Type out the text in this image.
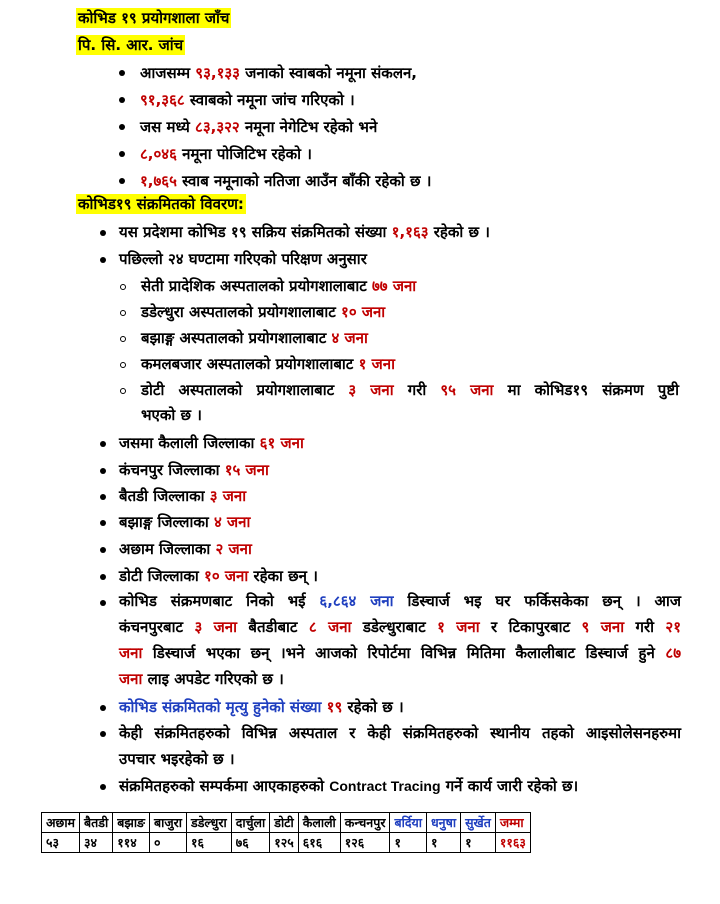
कोभिड १९ प्रयोगशाला जाँच
पि. सि. आर. जांच
आजसम्म ९३,१३३ जनाको स्वाबको नमूना संकलन,
९१,३६८ स्वाबको नमूना जांच गरिएको ।
जस मध्ये ८३,३२२ नमूना नेगेटिभ रहेको भने
८,०४६ नमूना पोजिटिभ रहेको ।
१,७६५ स्वाब नमूनाको नतिजा आउँन बाँकी रहेको छ ।
कोभिड१९ संक्रमितको विवरण:
यस प्रदेशमा कोभिड १९ सक्रिय संक्रमितको संख्या १,१६३ रहेको छ ।
पछिल्लो २४ घण्टामा गरिएको परिक्षण अनुसार
सेती प्रादेशिक अस्पतालको प्रयोगशालाबाट ७७ जना
डडेल्धुरा अस्पतालको प्रयोगशालाबाट १० जना
बझाङ्ग अस्पतालको प्रयोगशालाबाट ४ जना
कमलबजार अस्पतालको प्रयोगशालाबाट १ जना
डोटी अस्पतालको प्रयोगशालाबाट ३ जना गरी ९५ जना मा कोभिड१९ संक्रमण पुष्टी
भएको छ ।
जसमा कैलाली जिल्लाका ६१ जना
कंचनपुर जिल्लाका १५ जना
बैतडी जिल्लाका ३ जना
बझाङ्ग जिल्लाका ४ जना
अछाम जिल्लाका २ जना
डोटी जिल्लाका १० जना रहेका छन् ।
कोभिड संक्रमणबाट निको भई ६,८६४ जना डिस्चार्ज भइ घर फर्किसकेका छन् । आज
कंचनपुरबाट ३ जना बैतडीबाट ८ जना डडेल्धुराबाट १ जना र टिकापुरबाट ९ जना गरी २१
जना डिस्चार्ज भएका छन् ।भने आजको रिपोर्टमा विभिन्न मितिमा कैलालीबाट डिस्चार्ज हुने ८७
जना लाइ अपडेट गरिएको छ ।
कोभिड संक्रमितको मृत्यु हुनेको संख्या १९ रहेको छ ।
केही संक्रमितहरुको विभिन्न अस्पताल र केही संक्रमितहरुको स्थानीय तहको आइसोलेसनहरुमा
उपचार भइरहेको छ ।
संक्रमितहरुको सम्पर्कमा आएकाहरुको Contract Tracing गर्ने कार्य जारी रहेको छ।
अछाम	बैतडी	बझाङ	बाजुरा	डडेल्धुरा	दार्चुला	डोटी	कैलाली	कन्चनपुर	बर्दिया	धनुषा	सुर्खेत	जम्मा
५३	३४	११४	०	१६	७६	१२५	६१६	१२६	१	१	१	११६३
